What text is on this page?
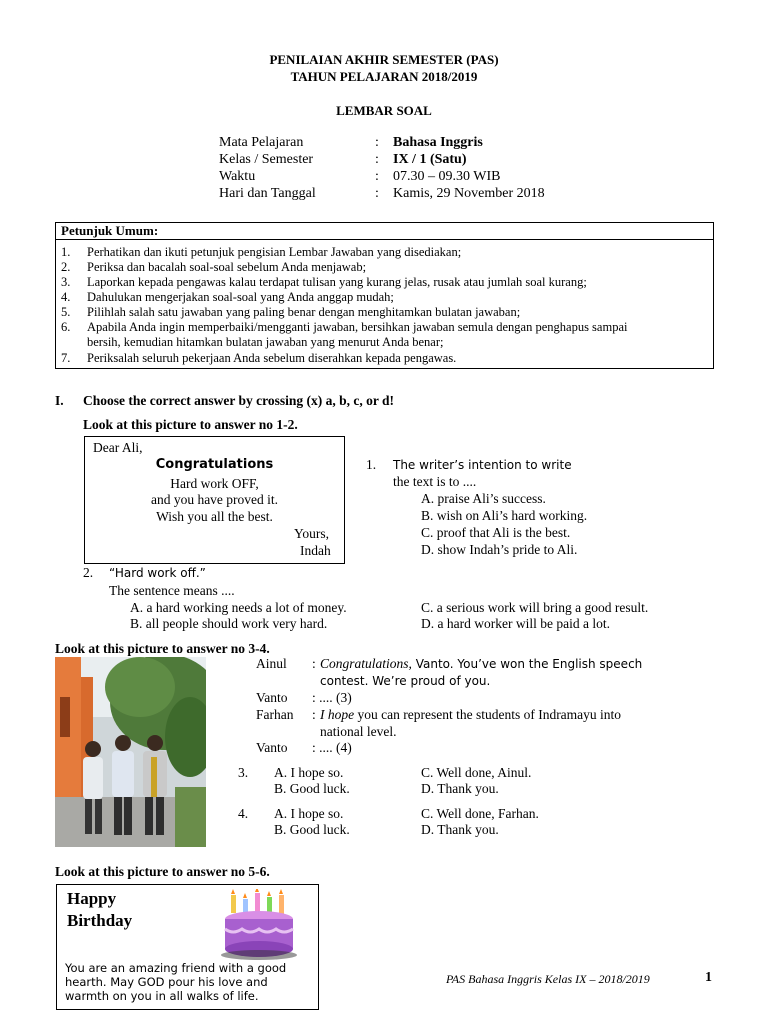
PENILAIAN AKHIR SEMESTER (PAS)
TAHUN PELAJARAN 2018/2019
LEMBAR SOAL
Mata Pelajaran	: Bahasa Inggris
Kelas / Semester	: IX / 1 (Satu)
Waktu	: 07.30 – 09.30 WIB
Hari dan Tanggal	: Kamis, 29 November 2018
Petunjuk Umum:
1. Perhatikan dan ikuti petunjuk pengisian Lembar Jawaban yang disediakan;
2. Periksa dan bacalah soal-soal sebelum Anda menjawab;
3. Laporkan kepada pengawas kalau terdapat tulisan yang kurang jelas, rusak atau jumlah soal kurang;
4. Dahulukan mengerjakan soal-soal yang Anda anggap mudah;
5. Pilihlah salah satu jawaban yang paling benar dengan menghitamkan bulatan jawaban;
6. Apabila Anda ingin memperbaiki/mengganti jawaban, bersihkan jawaban semula dengan penghapus sampai
bersih, kemudian hitamkan bulatan jawaban yang menurut Anda benar;
7. Periksalah seluruh pekerjaan Anda sebelum diserahkan kepada pengawas.
I. Choose the correct answer by crossing (x) a, b, c, or d!
Look at this picture to answer no 1-2.
Dear Ali,
Congratulations
Hard work OFF,
and you have proved it.
Wish you all the best.
Yours,
Indah
1. The writer’s intention to write
the text is to ....
A. praise Ali’s success.
B. wish on Ali’s hard working.
C. proof that Ali is the best.
D. show Indah’s pride to Ali.
2. “Hard work off.”
The sentence means ....
A. a hard working needs a lot of money.
B. all people should work very hard.
C. a serious work will bring a good result.
D. a hard worker will be paid a lot.
Look at this picture to answer no 3-4.
Ainul : Congratulations, Vanto. You’ve won the English speech
contest. We’re proud of you.
Vanto : .... (3)
Farhan : I hope you can represent the students of Indramayu into
national level.
Vanto : .... (4)
3. A. I hope so.
B. Good luck.
C. Well done, Ainul.
D. Thank you.
4. A. I hope so.
B. Good luck.
C. Well done, Farhan.
D. Thank you.
Look at this picture to answer no 5-6.
Happy
Birthday
You are an amazing friend with a good
hearth. May GOD pour his love and
warmth on you in all walks of life.
PAS Bahasa Inggris Kelas IX – 2018/2019	1
